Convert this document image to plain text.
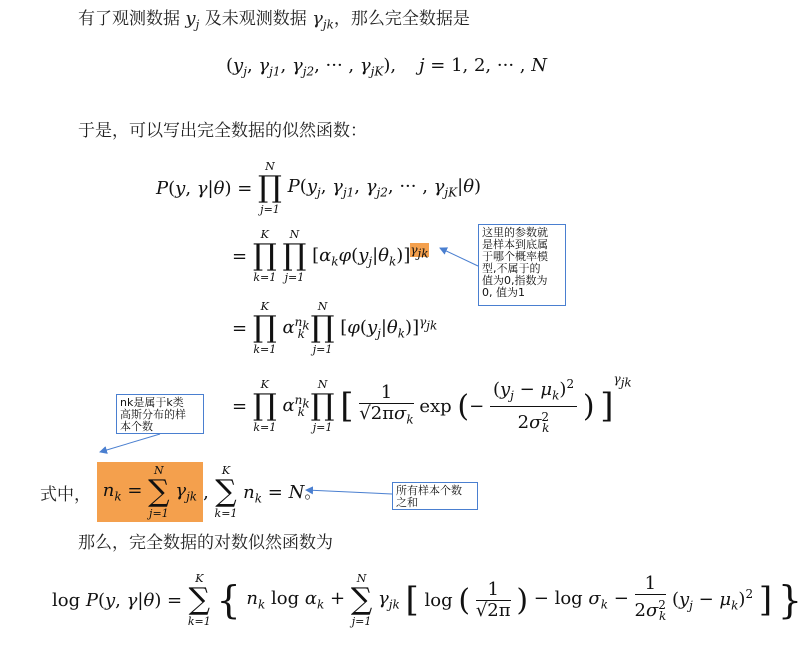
有了观测数据 $y_j$ 及未观测数据 $\gamma_{jk}$，那么完全数据是
($y_j$, $\gamma_{j1}$, $\gamma_{j2}$, ··· , $\gamma_{jK}$),    j = 1, 2, ··· , N
于是，可以写出完全数据的似然函数：
P(y, γ|θ) =
N
∏
j=1
$P(y_j$, $\gamma_{j1}$, $\gamma_{j2}$, ··· , $\gamma_{jK}|\theta$)
=
K
∏
k=1

N
∏
j=1
$[\alpha_k\varphi(y_j|\theta_k)]^{\gamma_{jk}}$
=
K
∏
k=1
$\alpha^{n_k}_k$
N
∏
j=1
$[\varphi(y_j|\theta_k)]^{\gamma_{jk}}$
=
K
∏
k=1
$\alpha^{n_k}_k$
N
∏
j=1
[ $\frac{1}{√2\pi\sigma_k}$ exp (− $\frac{(y_j - \mu_k)^2}{2\sigma^2_k}$ ) ]$^{\gamma_{jk}}$
这里的参数就
是样本到底属
于哪个概率模
型,不属于的
值为0,指数为
0, 值为1
nk是属于k类
高斯分布的样
本个数
式中， $n_k$ =
N
∑
j=1
$\gamma_{jk}$ ,
K
∑
k=1
$n_k = N$。	所有样本个数
之和
那么，完全数据的对数似然函数为
log P(y, γ|θ) =
K
∑
k=1 { $n_k$ $\log \alpha_k$ +
N
∑
j=1
$\gamma_{jk}$ [ log ( $\frac{1}{√2\pi}$ ) − $\log \sigma_k - \frac{1}{2\sigma^2_k} (y_j - \mu_k)^2$ ] }
